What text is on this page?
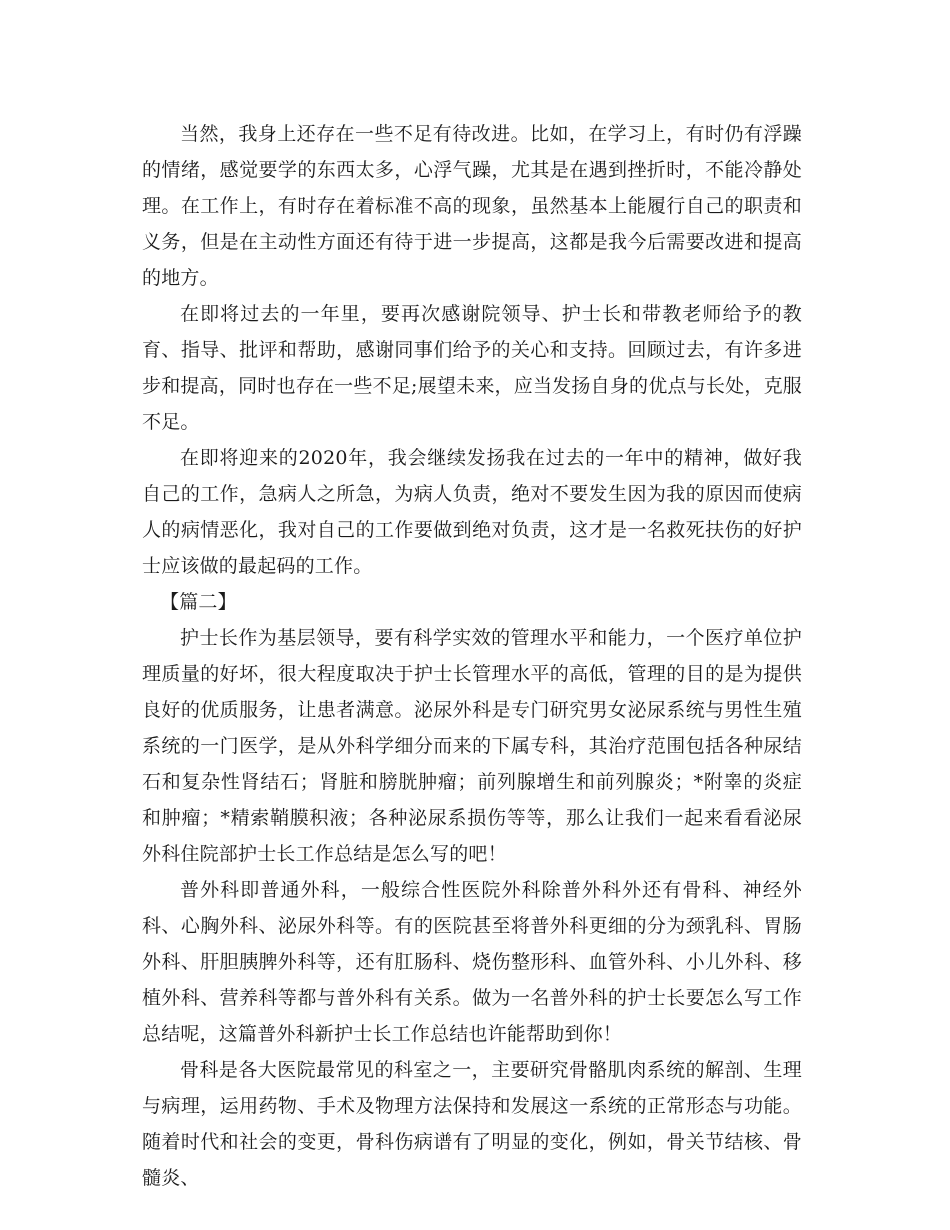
当然，我身上还存在一些不足有待改进。比如，在学习上，有时仍有浮躁的情绪，感觉要学的东西太多，心浮气躁，尤其是在遇到挫折时，不能冷静处理。在工作上，有时存在着标准不高的现象，虽然基本上能履行自己的职责和义务，但是在主动性方面还有待于进一步提高，这都是我今后需要改进和提高的地方。

在即将过去的一年里，要再次感谢院领导、护士长和带教老师给予的教育、指导、批评和帮助，感谢同事们给予的关心和支持。回顾过去，有许多进步和提高，同时也存在一些不足;展望未来，应当发扬自身的优点与长处，克服不足。

在即将迎来的2020年，我会继续发扬我在过去的一年中的精神，做好我自己的工作，急病人之所急，为病人负责，绝对不要发生因为我的原因而使病人的病情恶化，我对自己的工作要做到绝对负责，这才是一名救死扶伤的好护士应该做的最起码的工作。

【篇二】

护士长作为基层领导，要有科学实效的管理水平和能力，一个医疗单位护理质量的好坏，很大程度取决于护士长管理水平的高低，管理的目的是为提供良好的优质服务，让患者满意。泌尿外科是专门研究男女泌尿系统与男性生殖系统的一门医学，是从外科学细分而来的下属专科，其治疗范围包括各种尿结石和复杂性肾结石；肾脏和膀胱肿瘤；前列腺增生和前列腺炎；*附睾的炎症和肿瘤；*精索鞘膜积液；各种泌尿系损伤等等，那么让我们一起来看看泌尿外科住院部护士长工作总结是怎么写的吧！

普外科即普通外科，一般综合性医院外科除普外科外还有骨科、神经外科、心胸外科、泌尿外科等。有的医院甚至将普外科更细的分为颈乳科、胃肠外科、肝胆胰脾外科等，还有肛肠科、烧伤整形科、血管外科、小儿外科、移植外科、营养科等都与普外科有关系。做为一名普外科的护士长要怎么写工作总结呢，这篇普外科新护士长工作总结也许能帮助到你！

骨科是各大医院最常见的科室之一，主要研究骨骼肌肉系统的解剖、生理与病理，运用药物、手术及物理方法保持和发展这一系统的正常形态与功能。随着时代和社会的变更，骨科伤病谱有了明显的变化，例如，骨关节结核、骨髓炎、
